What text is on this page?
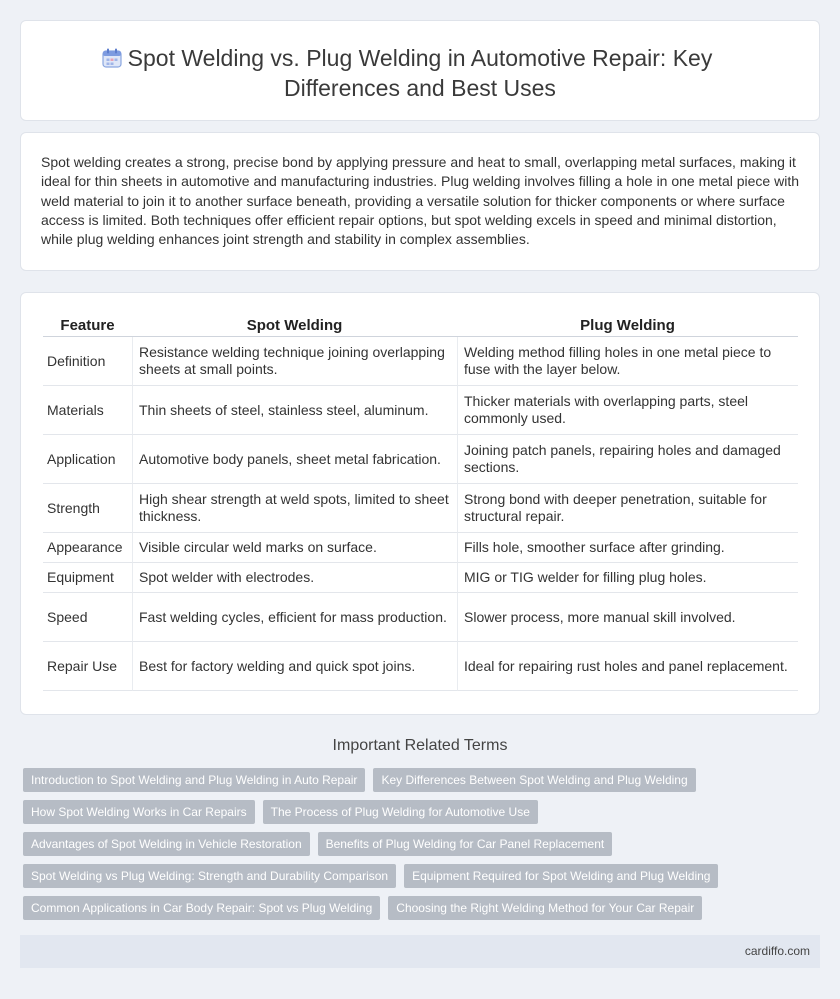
Spot Welding vs. Plug Welding in Automotive Repair: Key Differences and Best Uses

Spot welding creates a strong, precise bond by applying pressure and heat to small, overlapping metal surfaces, making it ideal for thin sheets in automotive and manufacturing industries. Plug welding involves filling a hole in one metal piece with weld material to join it to another surface beneath, providing a versatile solution for thicker components or where surface access is limited. Both techniques offer efficient repair options, but spot welding excels in speed and minimal distortion, while plug welding enhances joint strength and stability in complex assemblies.

Feature	Spot Welding	Plug Welding
Definition	Resistance welding technique joining overlapping sheets at small points.	Welding method filling holes in one metal piece to fuse with the layer below.
Materials	Thin sheets of steel, stainless steel, aluminum.	Thicker materials with overlapping parts, steel commonly used.
Application	Automotive body panels, sheet metal fabrication.	Joining patch panels, repairing holes and damaged sections.
Strength	High shear strength at weld spots, limited to sheet thickness.	Strong bond with deeper penetration, suitable for structural repair.
Appearance	Visible circular weld marks on surface.	Fills hole, smoother surface after grinding.
Equipment	Spot welder with electrodes.	MIG or TIG welder for filling plug holes.
Speed	Fast welding cycles, efficient for mass production.	Slower process, more manual skill involved.
Repair Use	Best for factory welding and quick spot joins.	Ideal for repairing rust holes and panel replacement.
Important Related Terms
Introduction to Spot Welding and Plug Welding in Auto Repair	Key Differences Between Spot Welding and Plug Welding
How Spot Welding Works in Car Repairs	The Process of Plug Welding for Automotive Use
Advantages of Spot Welding in Vehicle Restoration	Benefits of Plug Welding for Car Panel Replacement
Spot Welding vs Plug Welding: Strength and Durability Comparison	Equipment Required for Spot Welding and Plug Welding
Common Applications in Car Body Repair: Spot vs Plug Welding	Choosing the Right Welding Method for Your Car Repair
cardiffo.com
